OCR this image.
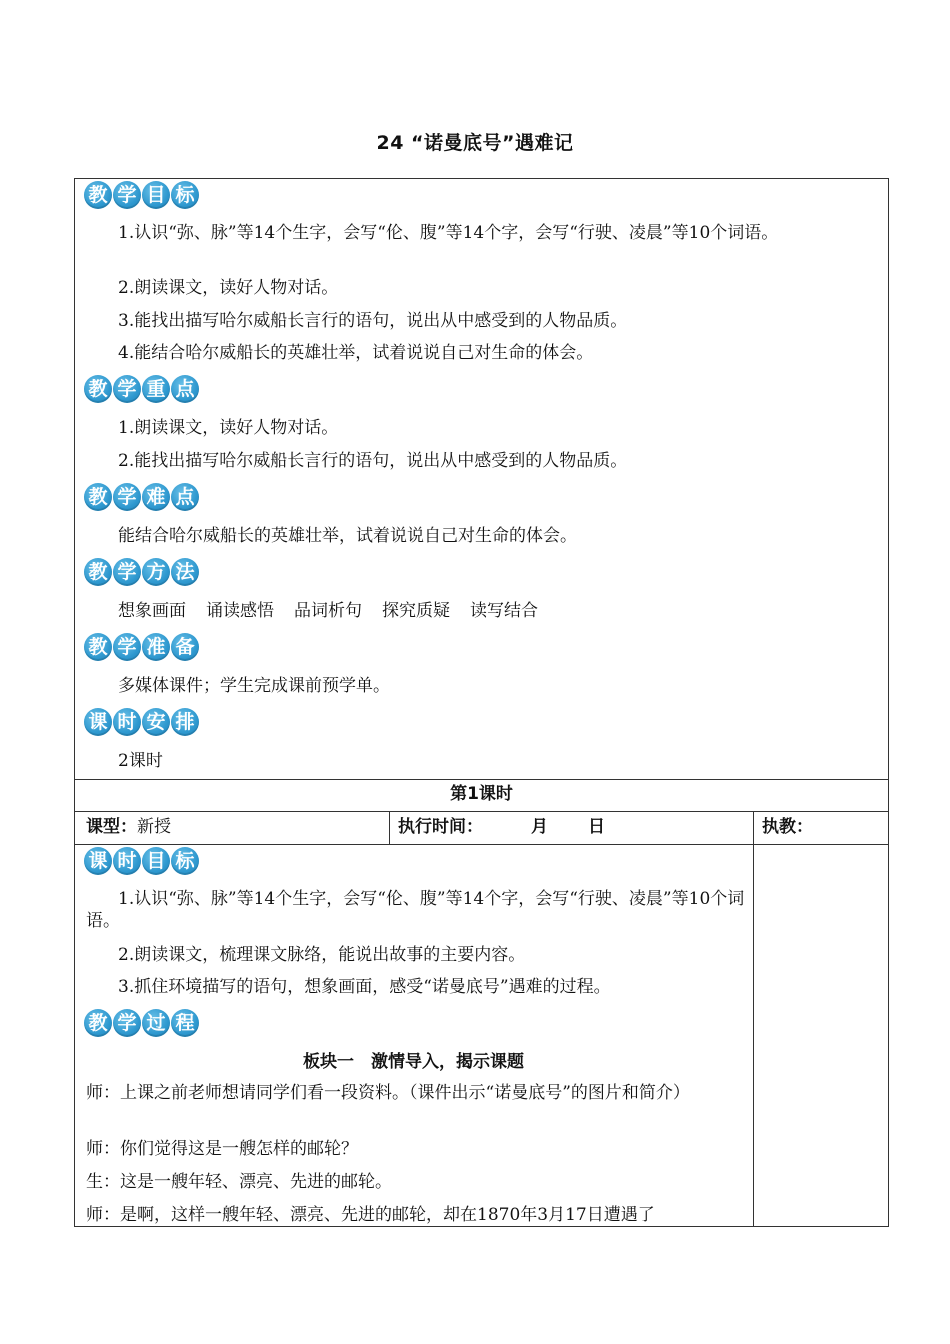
24 “诺曼底号”遇难记
教 学 目 标
1.认识“弥、脉”等14个生字，会写“伦、腹”等14个字，会写“行驶、凌晨”等10个词语。
2.朗读课文，读好人物对话。
3.能找出描写哈尔威船长言行的语句，说出从中感受到的人物品质。
4.能结合哈尔威船长的英雄壮举，试着说说自己对生命的体会。
教 学 重 点
1.朗读课文，读好人物对话。
2.能找出描写哈尔威船长言行的语句，说出从中感受到的人物品质。
教 学 难 点
能结合哈尔威船长的英雄壮举，试着说说自己对生命的体会。
教 学 方 法
想象画面 诵读感悟 品词析句 探究质疑 读写结合
教 学 准 备
多媒体课件；学生完成课前预学单。
课 时 安 排
2课时
第1课时
课型：新授	执行时间：	月 日	执教：
课 时 目 标
1.认识“弥、脉”等14个生字，会写“伦、腹”等14个字，会写“行驶、凌晨”等10个词语。
2.朗读课文，梳理课文脉络，能说出故事的主要内容。
3.抓住环境描写的语句，想象画面，感受“诺曼底号”遇难的过程。
教 学 过 程
板块一　激情导入，揭示课题
师：上课之前老师想请同学们看一段资料。（课件出示“诺曼底号”的图片和简介）
师：你们觉得这是一艘怎样的邮轮？
生：这是一艘年轻、漂亮、先进的邮轮。
师：是啊，这样一艘年轻、漂亮、先进的邮轮，却在1870年3月17日遭遇了
